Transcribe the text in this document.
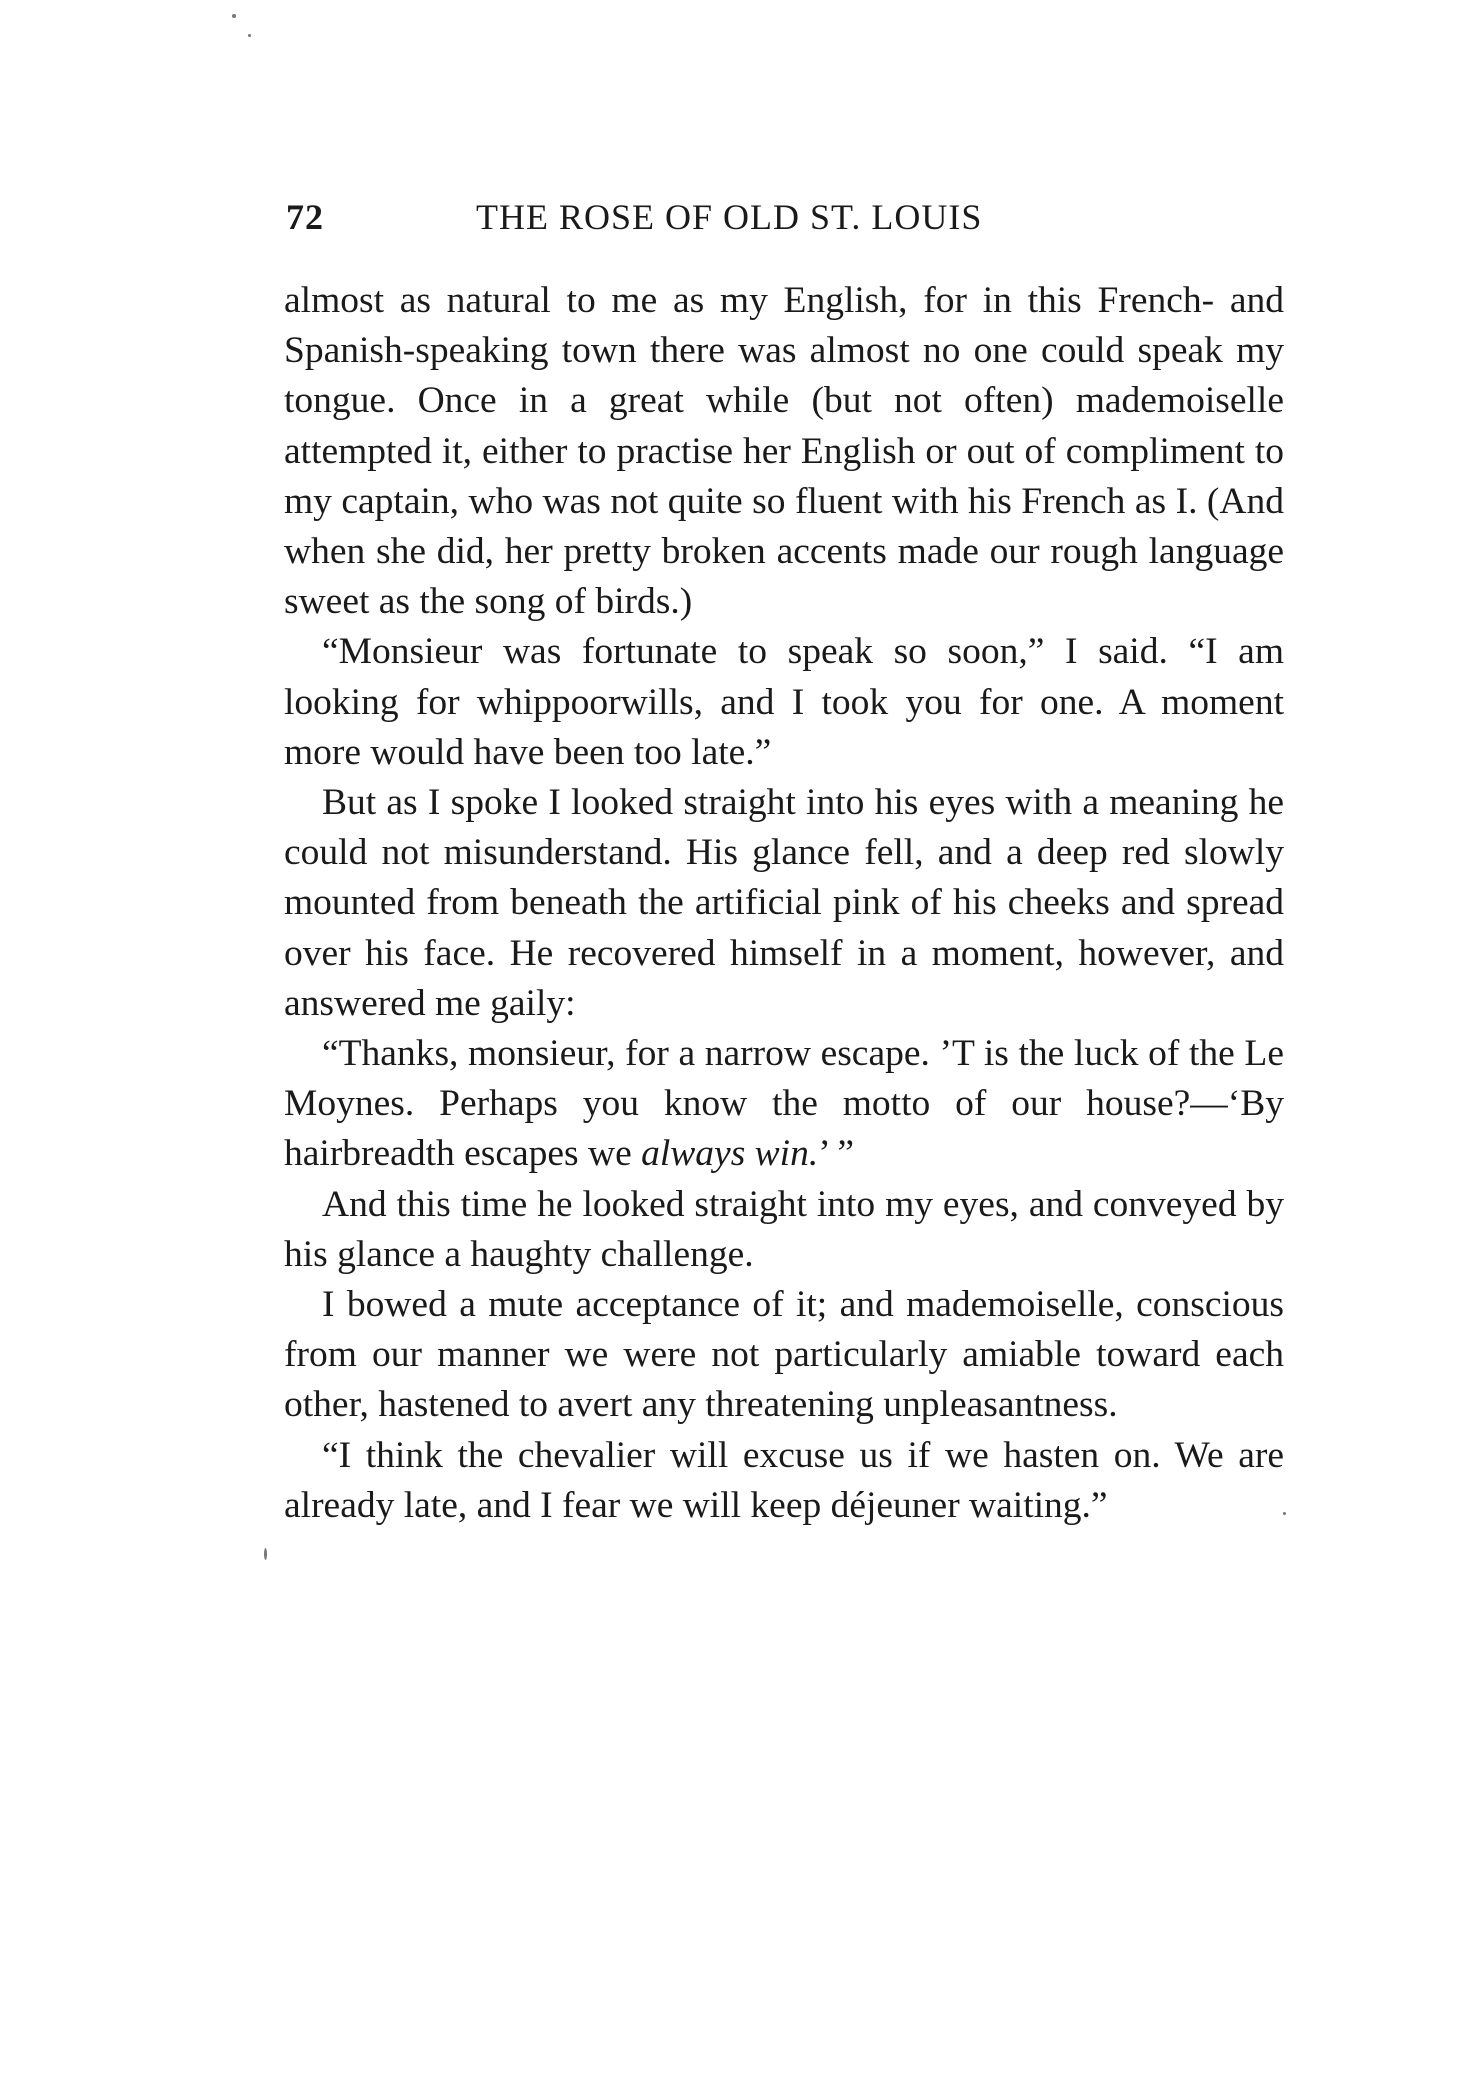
72	THE ROSE OF OLD ST. LOUIS

almost as natural to me as my English, for in this French- and Spanish-speaking town there was almost no one could speak my tongue. Once in a great while (but not often) mademoiselle attempted it, either to practise her English or out of compliment to my captain, who was not quite so fluent with his French as I. (And when she did, her pretty broken accents made our rough language sweet as the song of birds.)

“Monsieur was fortunate to speak so soon,” I said. “I am looking for whippoorwills, and I took you for one. A moment more would have been too late.”

But as I spoke I looked straight into his eyes with a meaning he could not misunderstand. His glance fell, and a deep red slowly mounted from beneath the artificial pink of his cheeks and spread over his face. He recovered himself in a moment, however, and answered me gaily:

“Thanks, monsieur, for a narrow escape. ’T is the luck of the Le Moynes. Perhaps you know the motto of our house?—‘By hairbreadth escapes we always win.’ ”

And this time he looked straight into my eyes, and conveyed by his glance a haughty challenge.

I bowed a mute acceptance of it; and mademoiselle, conscious from our manner we were not particularly amiable toward each other, hastened to avert any threatening unpleasantness.

“I think the chevalier will excuse us if we hasten on. We are already late, and I fear we will keep déjeuner waiting.”
